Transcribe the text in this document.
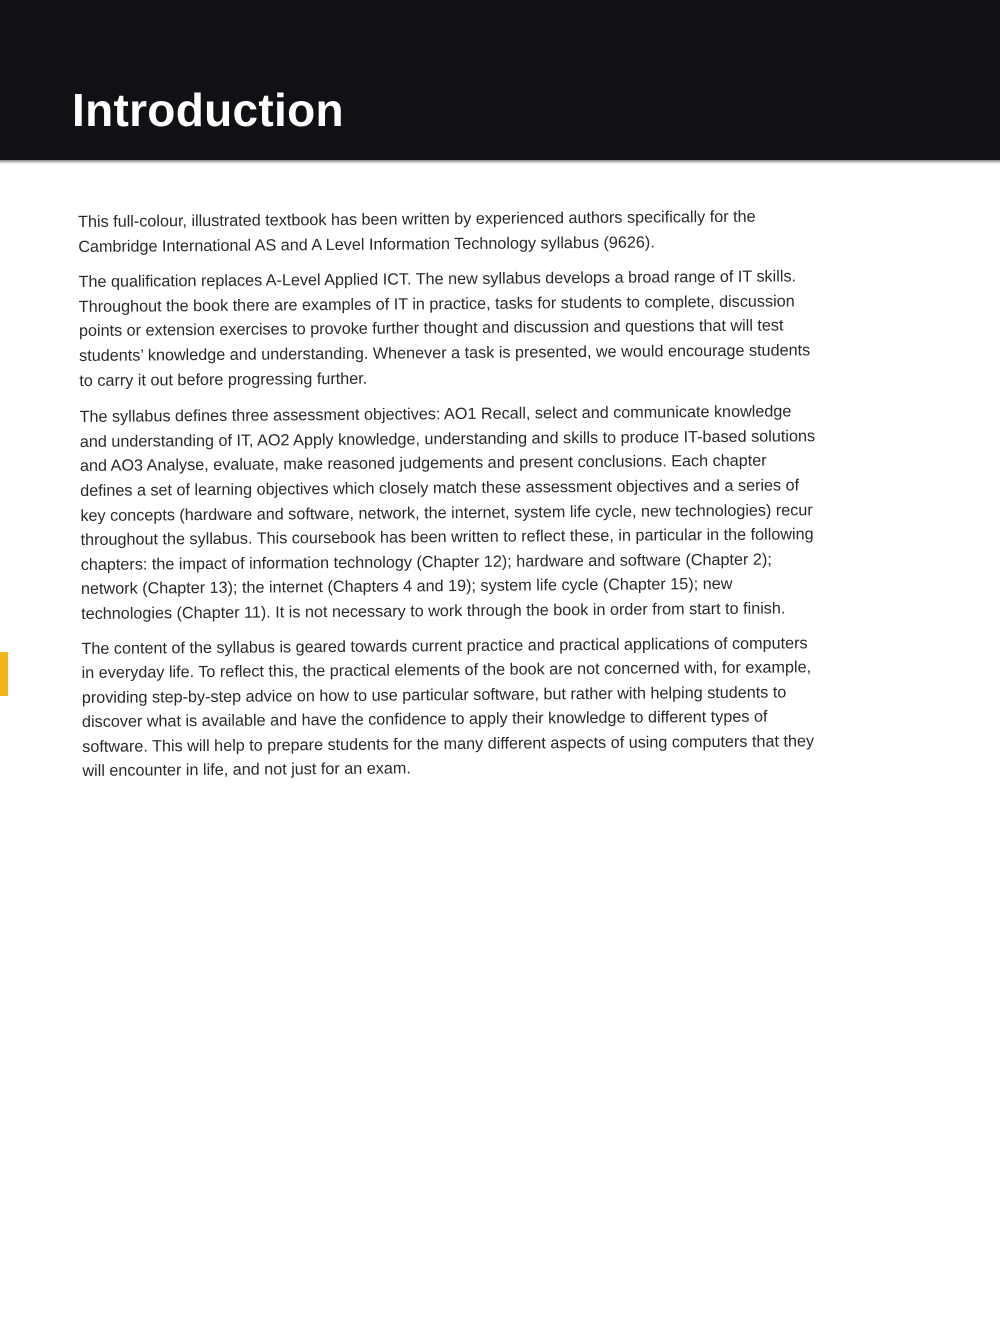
Introduction

This full-colour, illustrated textbook has been written by experienced authors specifically for the Cambridge International AS and A Level Information Technology syllabus (9626).

The qualification replaces A-Level Applied ICT. The new syllabus develops a broad range of IT skills. Throughout the book there are examples of IT in practice, tasks for students to complete, discussion points or extension exercises to provoke further thought and discussion and questions that will test students’ knowledge and understanding. Whenever a task is presented, we would encourage students to carry it out before progressing further.

The syllabus defines three assessment objectives: AO1 Recall, select and communicate knowledge and understanding of IT, AO2 Apply knowledge, understanding and skills to produce IT-based solutions and AO3 Analyse, evaluate, make reasoned judgements and present conclusions. Each chapter defines a set of learning objectives which closely match these assessment objectives and a series of key concepts (hardware and software, network, the internet, system life cycle, new technologies) recur throughout the syllabus. This coursebook has been written to reflect these, in particular in the following chapters: the impact of information technology (Chapter 12); hardware and software (Chapter 2); network (Chapter 13); the internet (Chapters 4 and 19); system life cycle (Chapter 15); new technologies (Chapter 11). It is not necessary to work through the book in order from start to finish.

The content of the syllabus is geared towards current practice and practical applications of computers in everyday life. To reflect this, the practical elements of the book are not concerned with, for example, providing step-by-step advice on how to use particular software, but rather with helping students to discover what is available and have the confidence to apply their knowledge to different types of software. This will help to prepare students for the many different aspects of using computers that they will encounter in life, and not just for an exam.
